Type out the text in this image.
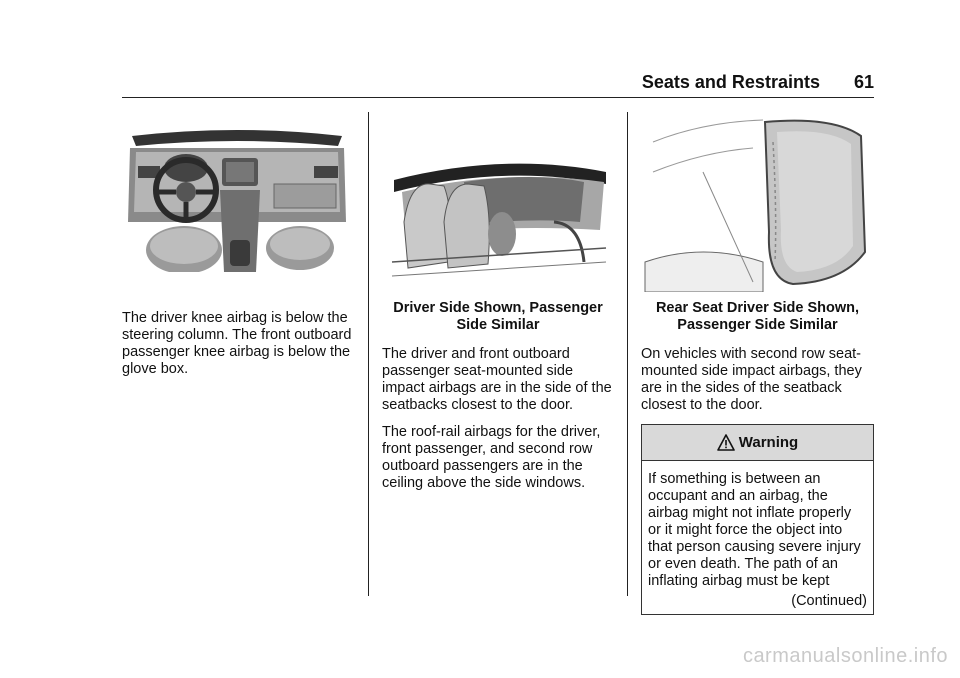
Seats and Restraints 61

The driver knee airbag is below the steering column. The front outboard passenger knee airbag is below the glove box.

Driver Side Shown, Passenger
Side Similar

The driver and front outboard passenger seat-mounted side impact airbags are in the side of the seatbacks closest to the door.

The roof-rail airbags for the driver, front passenger, and second row outboard passengers are in the ceiling above the side windows.

Rear Seat Driver Side Shown,
Passenger Side Similar

On vehicles with second row seat-mounted side impact airbags, they are in the sides of the seatback closest to the door.

Warning
If something is between an occupant and an airbag, the airbag might not inflate properly or it might force the object into that person causing severe injury or even death. The path of an inflating airbag must be kept
(Continued)
carmanualsonline.info
